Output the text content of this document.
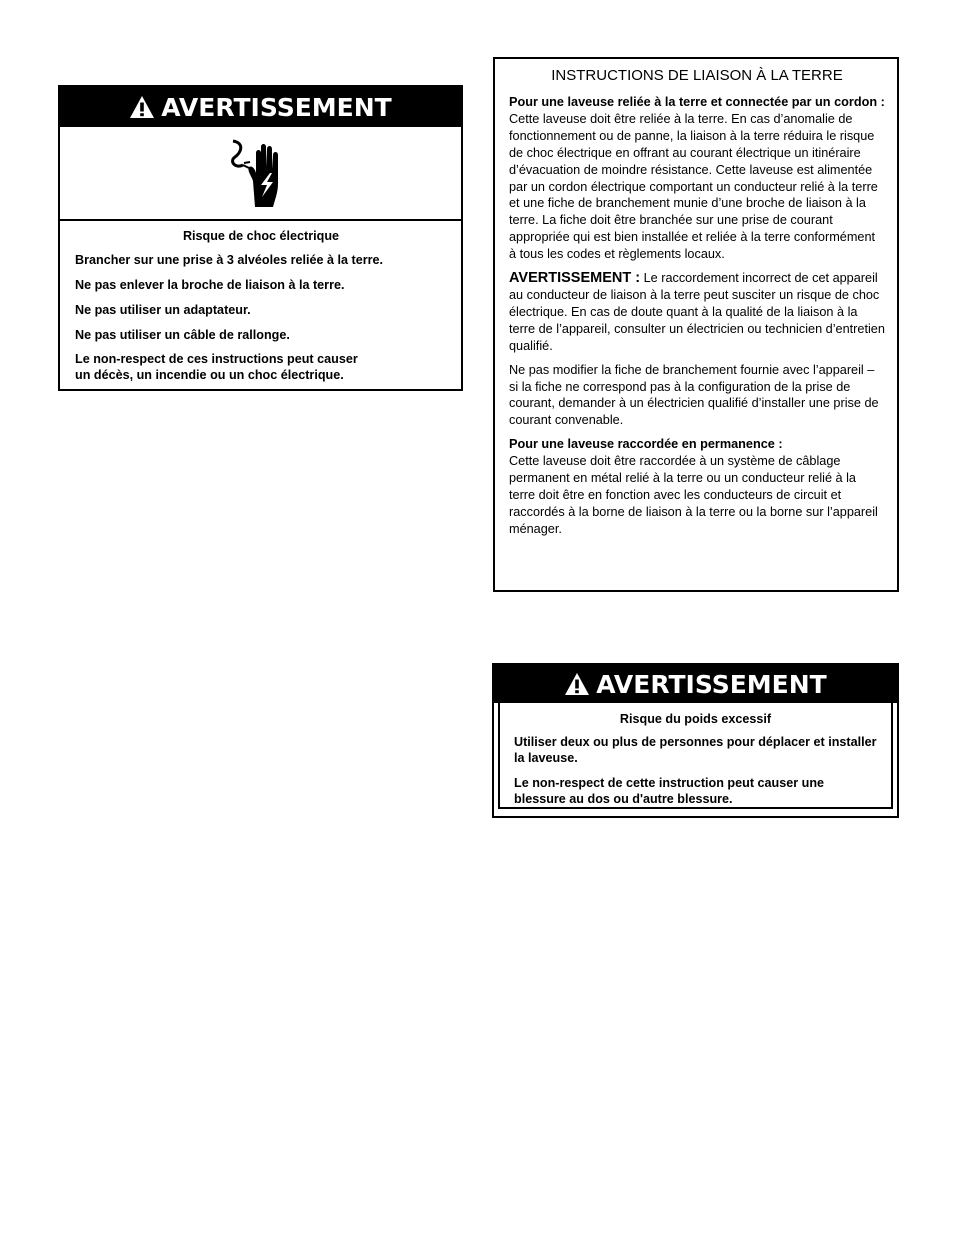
AVERTISSEMENT
Risque de choc électrique

Brancher sur une prise à 3 alvéoles reliée à la terre.

Ne pas enlever la broche de liaison à la terre.

Ne pas utiliser un adaptateur.

Ne pas utiliser un câble de rallonge.

Le non-respect de ces instructions peut causer
un décès, un incendie ou un choc électrique.

INSTRUCTIONS DE LIAISON À LA TERRE

Pour une laveuse reliée à la terre et connectée par un cordon :
Cette laveuse doit être reliée à la terre. En cas d’anomalie de fonctionnement ou de panne, la liaison à la terre réduira le risque de choc électrique en offrant au courant électrique un itinéraire d’évacuation de moindre résistance. Cette laveuse est alimentée par un cordon électrique comportant un conducteur relié à la terre et une fiche de branchement munie d’une broche de liaison à la terre. La fiche doit être branchée sur une prise de courant appropriée qui est bien installée et reliée à la terre conformément à tous les codes et règlements locaux.

AVERTISSEMENT : Le raccordement incorrect de cet appareil au conducteur de liaison à la terre peut susciter un risque de choc électrique. En cas de doute quant à la qualité de la liaison à la terre de l’appareil, consulter un électricien ou technicien d’entretien qualifié.

Ne pas modifier la fiche de branchement fournie avec l’appareil – si la fiche ne correspond pas à la configuration de la prise de courant, demander à un électricien qualifié d’installer une prise de courant convenable.

Pour une laveuse raccordée en permanence :
Cette laveuse doit être raccordée à un système de câblage permanent en métal relié à la terre ou un conducteur relié à la terre doit être en fonction avec les conducteurs de circuit et raccordés à la borne de liaison à la terre ou la borne sur l’appareil ménager.

AVERTISSEMENT
Risque du poids excessif

Utiliser deux ou plus de personnes pour déplacer et installer la laveuse.

Le non-respect de cette instruction peut causer une blessure au dos ou d'autre blessure.
